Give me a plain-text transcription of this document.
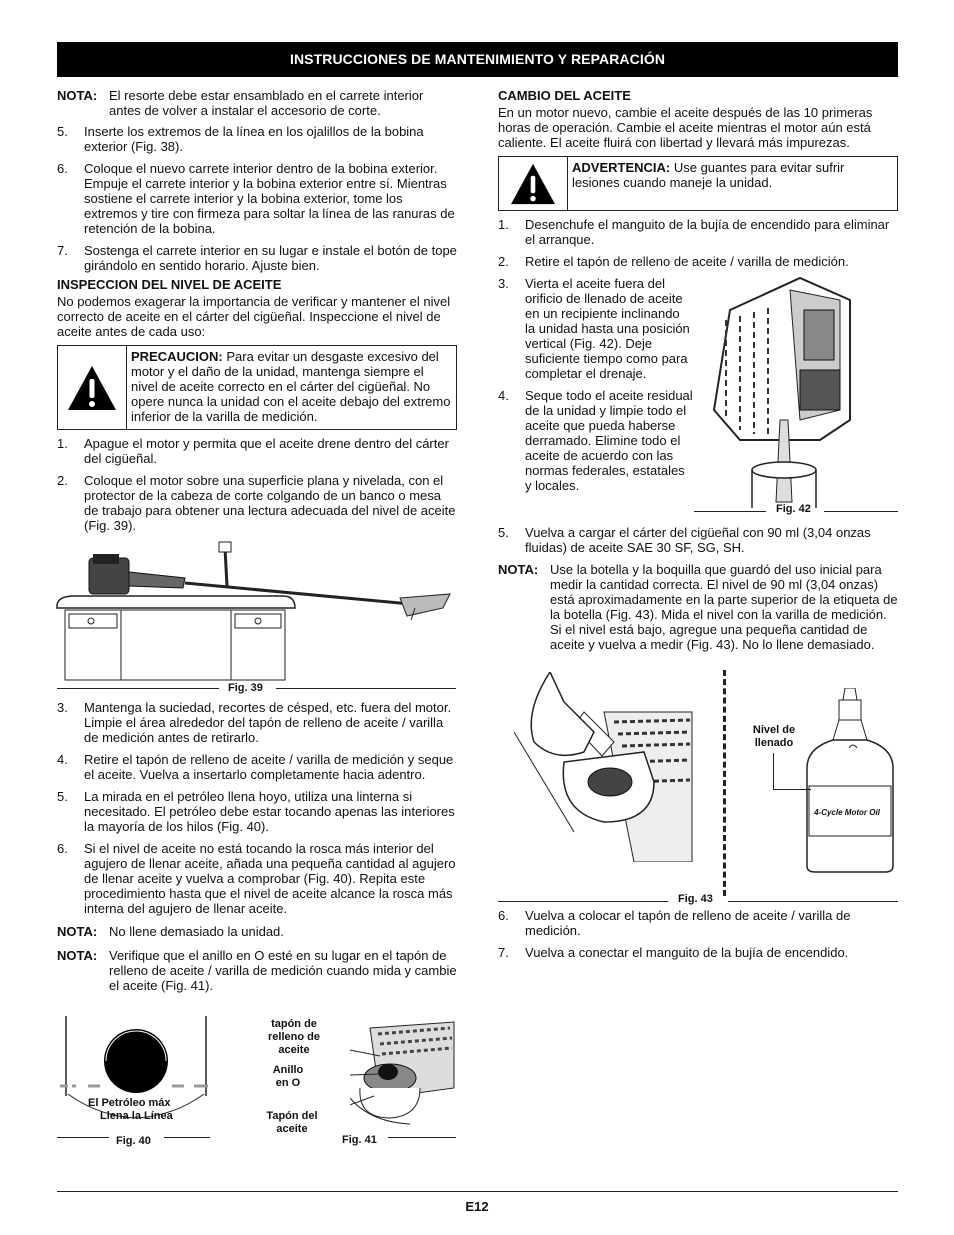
INSTRUCCIONES DE MANTENIMIENTO Y REPARACIÓN
NOTA: El resorte debe estar ensamblado en el carrete interior antes de volver a instalar el accesorio de corte.
5.	Inserte los extremos de la línea en los ojalillos de la bobina exterior (Fig. 38).
6.	Coloque el nuevo carrete interior dentro de la bobina exterior. Empuje el carrete interior y la bobina exterior entre sí. Mientras sostiene el carrete interior y la bobina exterior, tome los extremos y tire con firmeza para soltar la línea de las ranuras de retención de la bobina.
7.	Sostenga el carrete interior en su lugar e instale el botón de tope girándolo en sentido horario. Ajuste bien.
INSPECCION DEL NIVEL DE ACEITE
No podemos exagerar la importancia de verificar y mantener el nivel correcto de aceite en el cárter del cigüeñal. Inspeccione el nivel de aceite antes de cada uso:
PRECAUCION: Para evitar un desgaste excesivo del motor y el daño de la unidad, mantenga siempre el nivel de aceite correcto en el cárter del cigüeñal. No opere nunca la unidad con el aceite debajo del extremo inferior de la varilla de medición.
1.	Apague el motor y permita que el aceite drene dentro del cárter del cigüeñal.
2.	Coloque el motor sobre una superficie plana y nivelada, con el protector de la cabeza de corte colgando de un banco o mesa de trabajo para obtener una lectura adecuada del nivel de aceite (Fig. 39).
Fig. 39
3.	Mantenga la suciedad, recortes de césped, etc. fuera del motor. Limpie el área alrededor del tapón de relleno de aceite / varilla de medición antes de retirarlo.
4.	Retire el tapón de relleno de aceite / varilla de medición y seque el aceite. Vuelva a insertarlo completamente hacia adentro.
5.	La mirada en el petróleo llena hoyo, utiliza una linterna si necesitado. El petróleo debe estar tocando apenas las interiores la mayoría de los hilos (Fig. 40).
6.	Si el nivel de aceite no está tocando la rosca más interior del agujero de llenar aceite, añada una pequeña cantidad al agujero de llenar aceite y vuelva a comprobar (Fig. 40). Repita este procedimiento hasta que el nivel de aceite alcance la rosca más interna del agujero de llenar aceite.
NOTA: No llene demasiado la unidad.
NOTA: Verifique que el anillo en O esté en su lugar en el tapón de relleno de aceite / varilla de medición cuando mida y cambie el aceite (Fig. 41).
El Petróleo máx
Llena la Línea
Fig. 40
tapón de
relleno de
aceite
Anillo
en O
Tapón del
aceite
Fig. 41
CAMBIO DEL ACEITE
En un motor nuevo, cambie el aceite después de las 10 primeras horas de operación. Cambie el aceite mientras el motor aún está caliente. El aceite fluirá con libertad y llevará más impurezas.
ADVERTENCIA: Use guantes para evitar sufrir lesiones cuando maneje la unidad.
1.	Desenchufe el manguito de la bujía de encendido para eliminar el arranque.
2.	Retire el tapón de relleno de aceite / varilla de medición.
3.	Vierta el aceite fuera del orificio de llenado de aceite en un recipiente inclinando la unidad hasta una posición vertical (Fig. 42). Deje suficiente tiempo como para completar el drenaje.
4.	Seque todo el aceite residual de la unidad y limpie todo el aceite que pueda haberse derramado. Elimine todo el aceite de acuerdo con las normas federales, estatales y locales.
Fig. 42
5.	Vuelva a cargar el cárter del cigüeñal con 90 ml (3,04 onzas fluidas) de aceite SAE 30 SF, SG, SH.
NOTA: Use la botella y la boquilla que guardó del uso inicial para medir la cantidad correcta. El nivel de 90 ml (3,04 onzas) está aproximadamente en la parte superior de la etiqueta de la botella (Fig. 43). Mida el nivel con la varilla de medición. Si el nivel está bajo, agregue una pequeña cantidad de aceite y vuelva a medir (Fig. 43). No lo llene demasiado.
4-Cycle Motor Oil
Nivel de
llenado
Fig. 43
6.	Vuelva a colocar el tapón de relleno de aceite / varilla de medición.
7.	Vuelva a conectar el manguito de la bujía de encendido.
E12
